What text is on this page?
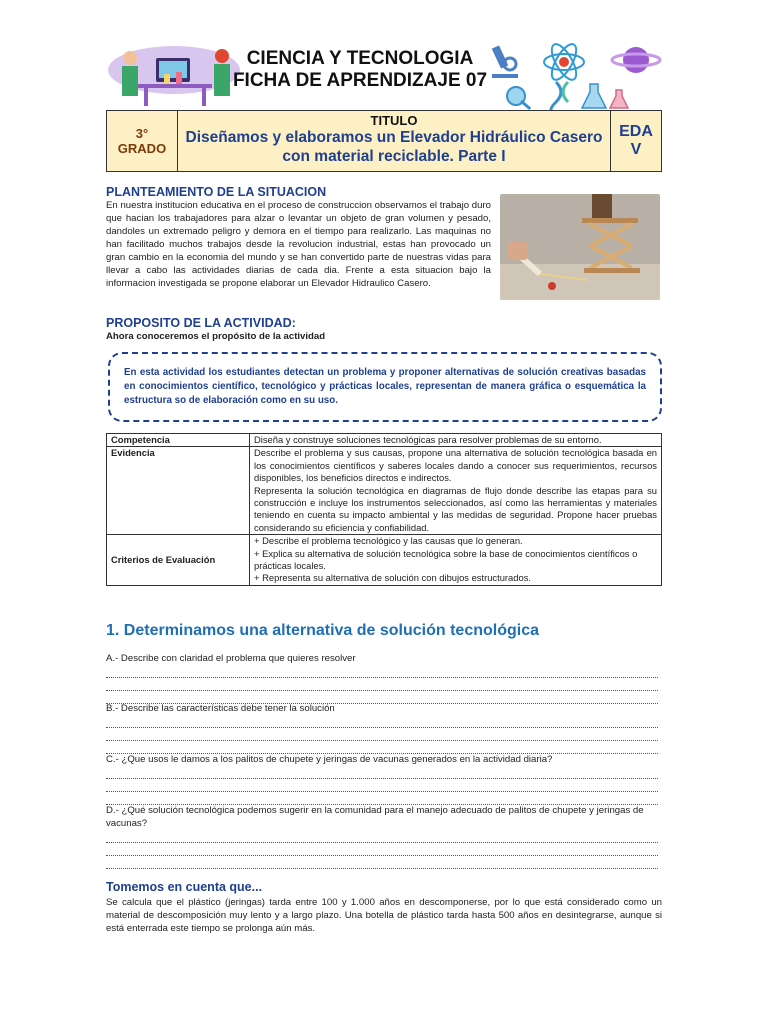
CIENCIA Y TECNOLOGIA
FICHA DE APRENDIZAJE 07
3°
GRADO
TITULO
Diseñamos y elaboramos un Elevador Hidráulico Casero
con material reciclable. Parte I
EDA
V
PLANTEAMIENTO DE LA SITUACION
En nuestra institucion educativa en el proceso de construccion observamos el trabajo duro que hacian los trabajadores para alzar o levantar un objeto de gran volumen y pesado, dandoles un extremado peligro y demora en el tiempo para realizarlo. Las maquinas no han facilitado muchos trabajos desde la revolucion industrial, estas han provocado un gran cambio en la economia del mundo y se han convertido parte de nuestras vidas para llevar a cabo las actividades diarias de cada dia. Frente a esta situacion bajo la informacion investigada se propone elaborar un Elevador Hidraulico Casero.
PROPOSITO DE LA ACTIVIDAD:
Ahora conoceremos el propósito de la actividad
En esta actividad los estudiantes detectan un problema y proponer alternativas de solución creativas basadas en conocimientos científico, tecnológico y prácticas locales, representan de manera gráfica o esquemática la estructura so de elaboración como en su uso.
Competencia	Diseña y construye soluciones tecnológicas para resolver problemas de su entorno.
Evidencia	Describe el problema y sus causas, propone una alternativa de solución tecnológica basada en los conocimientos científicos y saberes locales dando a conocer sus requerimientos, recursos disponibles, los beneficios directos e indirectos.
Representa la solución tecnológica en diagramas de flujo donde describe las etapas para su construcción e incluye los instrumentos seleccionados, así como las herramientas y materiales teniendo en cuenta su impacto ambiental y las medidas de seguridad. Propone hacer pruebas considerando su eficiencia y confiabilidad.

Criterios de Evaluación	+ Describe el problema tecnológico y las causas que lo generan.
+ Explica su alternativa de solución tecnológica sobre la base de conocimientos científicos o prácticas locales.
+ Representa su alternativa de solución con dibujos estructurados.
1. Determinamos una alternativa de solución tecnológica
A.- Describe con claridad el problema que quieres resolver
B.- Describe las características debe tener la solución
C.- ¿Que usos le damos a los palitos de chupete y jeringas de vacunas generados en la actividad diaria?
D.- ¿Qué solución tecnológica podemos sugerir en la comunidad para el manejo adecuado de palitos de chupete y jeringas de vacunas?
Tomemos en cuenta que...
Se calcula que el plástico (jeringas) tarda entre 100 y 1.000 años en descomponerse, por lo que está considerado como un material de descomposición muy lento y a largo plazo. Una botella de plástico tarda hasta 500 años en desintegrarse, aunque si está enterrada este tiempo se prolonga aún más.
